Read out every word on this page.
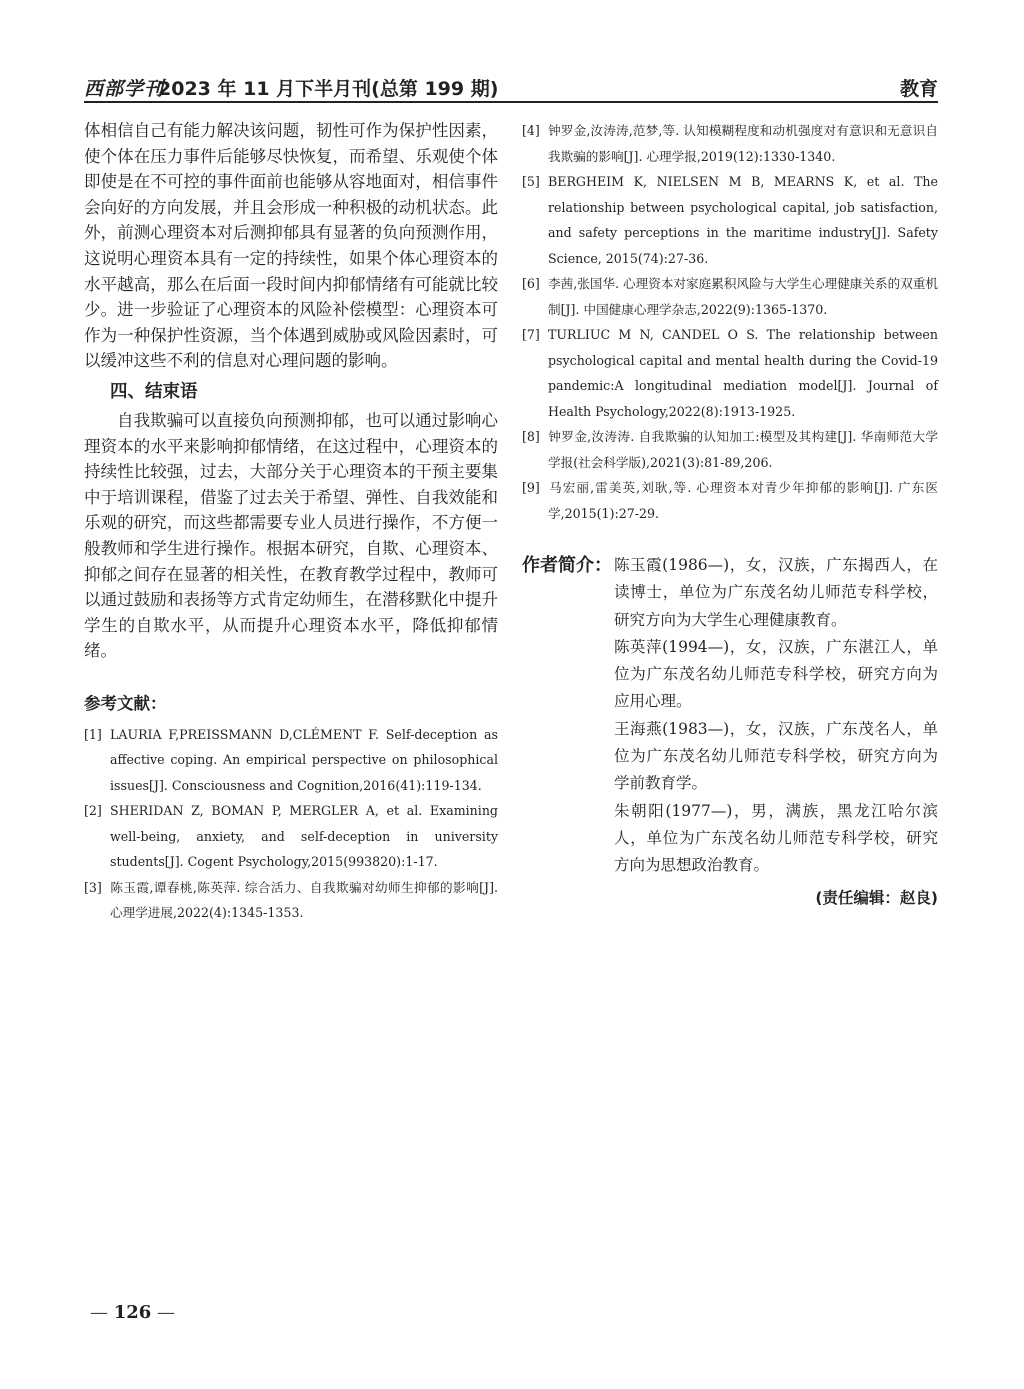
西部学刊
2023 年 11 月下半月刊(总第 199 期)	教育

体相信自己有能力解决该问题，韧性可作为保护性因素，使个体在压力事件后能够尽快恢复，而希望、乐观使个体即使是在不可控的事件面前也能够从容地面对，相信事件会向好的方向发展，并且会形成一种积极的动机状态。此外，前测心理资本对后测抑郁具有显著的负向预测作用，这说明心理资本具有一定的持续性，如果个体心理资本的水平越高，那么在后面一段时间内抑郁情绪有可能就比较少。进一步验证了心理资本的风险补偿模型：心理资本可作为一种保护性资源，当个体遇到威胁或风险因素时，可以缓冲这些不利的信息对心理问题的影响。

四、结束语

自我欺骗可以直接负向预测抑郁，也可以通过影响心理资本的水平来影响抑郁情绪，在这过程中，心理资本的持续性比较强，过去，大部分关于心理资本的干预主要集中于培训课程，借鉴了过去关于希望、弹性、自我效能和乐观的研究，而这些都需要专业人员进行操作，不方便一般教师和学生进行操作。根据本研究，自欺、心理资本、抑郁之间存在显著的相关性，在教育教学过程中，教师可以通过鼓励和表扬等方式肯定幼师生，在潜移默化中提升学生的自欺水平，从而提升心理资本水平，降低抑郁情绪。

参考文献：

[1] LAURIA F,PREISSMANN D,CLÉMENT F. Self-deception as affective coping. An empirical perspective on philosophical issues[J]. Consciousness and Cognition,2016(41):119-134.

[2] SHERIDAN Z, BOMAN P, MERGLER A, et al. Examining well-being, anxiety, and self-deception in university students[J]. Cogent Psychology,2015(993820):1-17.

[3] 陈玉霞,谭春桃,陈英萍. 综合活力、自我欺骗对幼师生抑郁的影响[J]. 心理学进展,2022(4):1345-1353.

[4] 钟罗金,汝涛涛,范梦,等. 认知模糊程度和动机强度对有意识和无意识自我欺骗的影响[J]. 心理学报,2019(12):1330-1340.

[5] BERGHEIM K, NIELSEN M B, MEARNS K, et al. The relationship between psychological capital, job satisfaction, and safety perceptions in the maritime industry[J]. Safety Science, 2015(74):27-36.

[6] 李茜,张国华. 心理资本对家庭累积风险与大学生心理健康关系的双重机制[J]. 中国健康心理学杂志,2022(9):1365-1370.

[7] TURLIUC M N, CANDEL O S. The relationship between psychological capital and mental health during the Covid-19 pandemic:A longitudinal mediation model[J]. Journal of Health Psychology,2022(8):1913-1925.

[8] 钟罗金,汝涛涛. 自我欺骗的认知加工:模型及其构建[J]. 华南师范大学学报(社会科学版),2021(3):81-89,206.

[9] 马宏丽,雷美英,刘耿,等. 心理资本对青少年抑郁的影响[J]. 广东医学,2015(1):27-29.

作者简介： 陈玉霞(1986—)，女，汉族，广东揭西人，在读博士，单位为广东茂名幼儿师范专科学校，研究方向为大学生心理健康教育。

陈英萍(1994—)，女，汉族，广东湛江人，单位为广东茂名幼儿师范专科学校，研究方向为应用心理。

王海燕(1983—)，女，汉族，广东茂名人，单位为广东茂名幼儿师范专科学校，研究方向为学前教育学。

朱朝阳(1977—)，男，满族，黑龙江哈尔滨人，单位为广东茂名幼儿师范专科学校，研究方向为思想政治教育。

(责任编辑：赵良)
— 126 —
